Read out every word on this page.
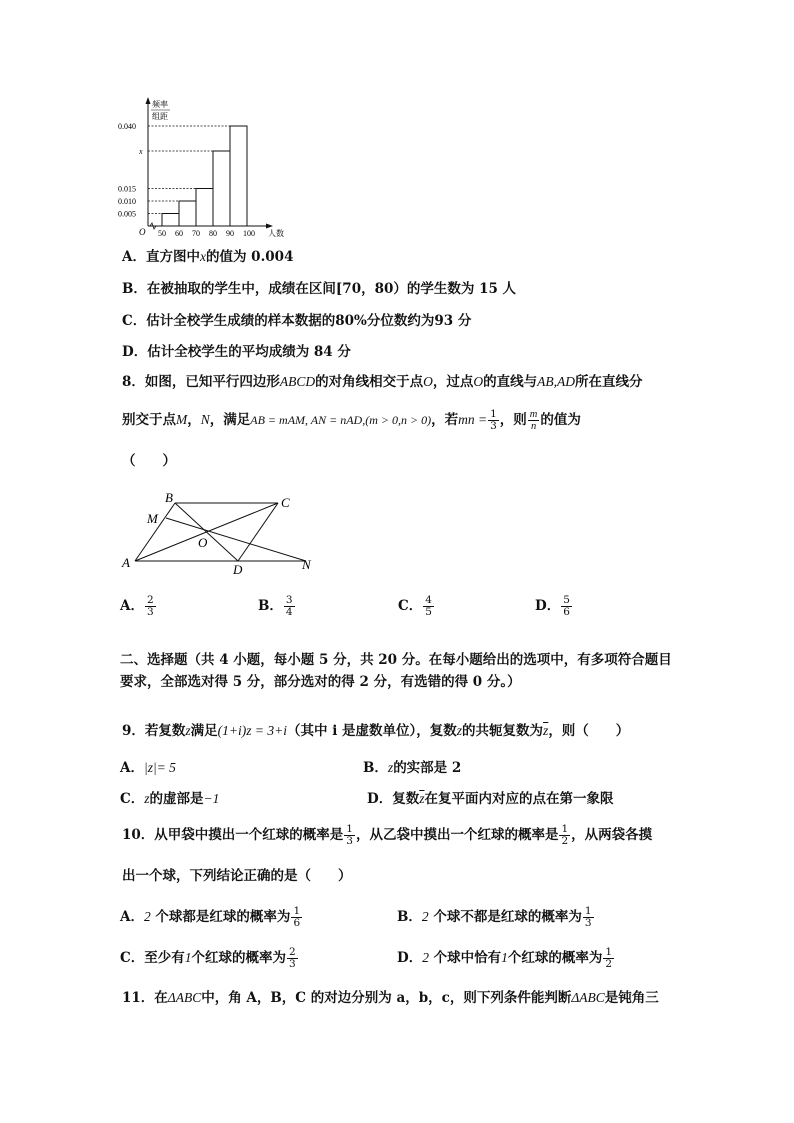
0.040
x
0.015
0.010
0.005
50 60 70 80 90 100
频率
组距
人数
O
A．直方图中x的值为 0.004
B．在被抽取的学生中，成绩在区间[70，80）的学生数为 15 人
C．估计全校学生成绩的样本数据的80%分位数约为93 分
D．估计全校学生的平均成绩为 84 分
8．如图，已知平行四边形ABCD的对角线相交于点O，过点O的直线与AB,AD所在直线分
别交于点M，N，满足AB = mAM, AN = nAD,(m > 0,n > 0)，若mn = $\frac{1}{3}$ ，则 $\frac{m}{n}$ 的值为
（　　）
A
B	C
D
M
N
O
A． $\frac{2}{3}$	B． $\frac{3}{4}$	C． $\frac{4}{5}$	D． $\frac{5}{6}$
二、选择题（共 4 小题，每小题 5 分，共 20 分。在每小题给出的选项中，有多项符合题目
要求，全部选对得 5 分，部分选对的得 2 分，有选错的得 0 分。）
9．若复数z满足(1+i)z = 3+i（其中 i 是虚数单位），复数z的共轭复数为$\overline{z}$，则（　　）
A．|z|= 5	B．z的实部是 2
C．z的虚部是−1	D．复数$\overline{z}$在复平面内对应的点在第一象限
10．从甲袋中摸出一个红球的概率是 $\frac{1}{3}$ ，从乙袋中摸出一个红球的概率是 $\frac{1}{2}$ ，从两袋各摸
出一个球，下列结论正确的是（　　）
A．2 个球都是红球的概率为 $\frac{1}{6}$	B．2 个球不都是红球的概率为 $\frac{1}{3}$
C．至少有1个红球的概率为 $\frac{2}{3}$	D．2 个球中恰有1个红球的概率为 $\frac{1}{2}$
11．在ΔABC中，角 A，B，C 的对边分别为 a，b，c，则下列条件能判断ΔABC是钝角三
